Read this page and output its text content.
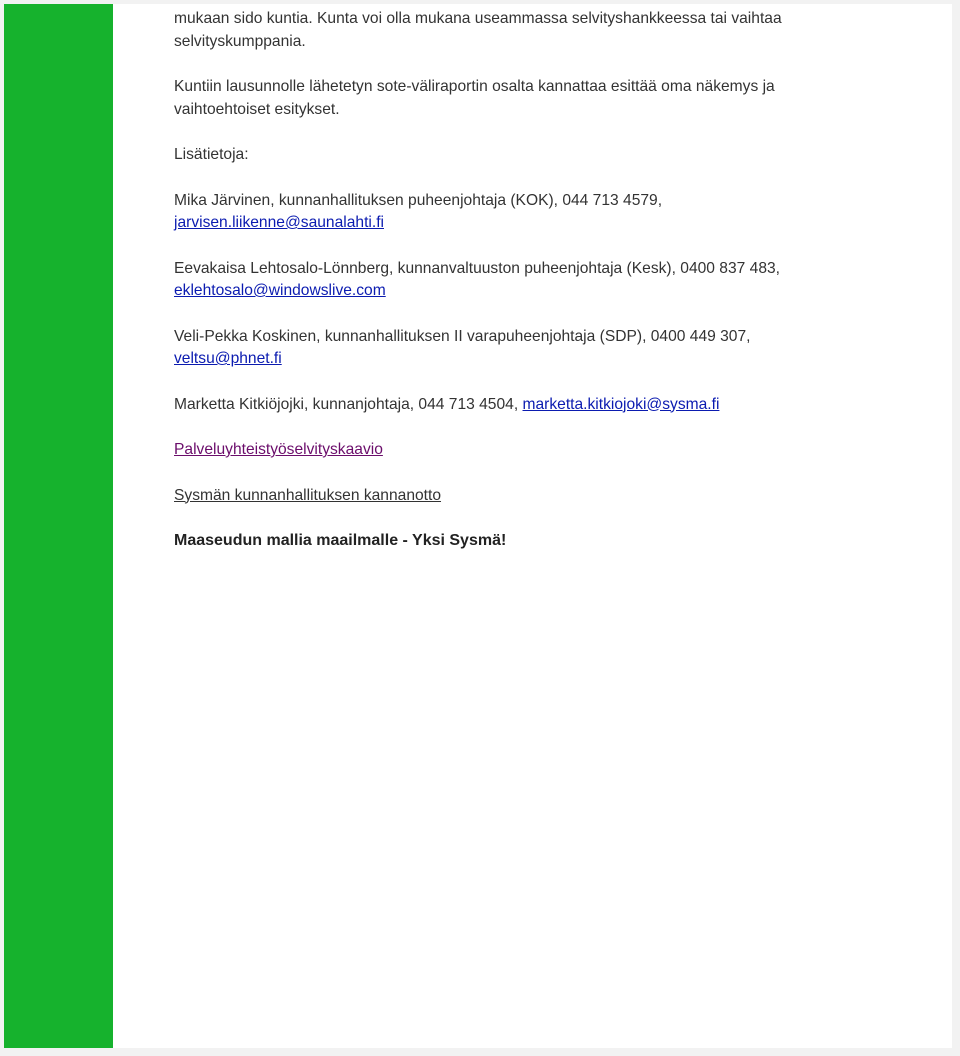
mukaan sido kuntia. Kunta voi olla mukana useammassa selvityshankkeessa tai vaihtaa selvityskumppania.

Kuntiin lausunnolle lähetetyn sote-väliraportin osalta kannattaa esittää oma näkemys ja vaihtoehtoiset esitykset.

Lisätietoja:

Mika Järvinen, kunnanhallituksen puheenjohtaja (KOK), 044 713 4579, jarvisen.liikenne@saunalahti.fi

Eevakaisa Lehtosalo-Lönnberg, kunnanvaltuuston puheenjohtaja (Kesk), 0400 837 483, eklehtosalo@windowslive.com

Veli-Pekka Koskinen, kunnanhallituksen II varapuheenjohtaja (SDP), 0400 449 307, veltsu@phnet.fi

Marketta Kitkiöjojki, kunnanjohtaja, 044 713 4504, marketta.kitkiojoki@sysma.fi

Palveluyhteistyöselvityskaavio

Sysmän kunnanhallituksen kannanotto

Maaseudun mallia maailmalle - Yksi Sysmä!
